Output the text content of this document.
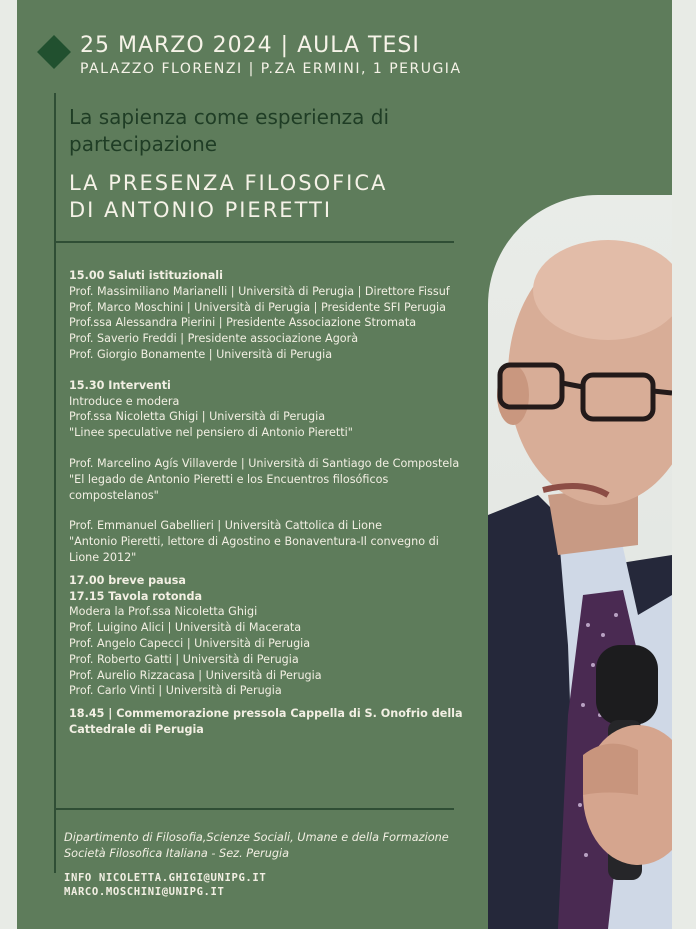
25 MARZO 2024 | AULA TESI
PALAZZO FLORENZI | P.ZA ERMINI, 1 PERUGIA
La sapienza come esperienza di
partecipazione
LA PRESENZA FILOSOFICA
DI ANTONIO PIERETTI
15.00 Saluti istituzionali
Prof. Massimiliano Marianelli | Università di Perugia | Direttore Fissuf
Prof. Marco Moschini | Università di Perugia | Presidente SFI Perugia
Prof.ssa Alessandra Pierini | Presidente Associazione Stromata
Prof. Saverio Freddi | Presidente associazione Agorà
Prof. Giorgio Bonamente | Università di Perugia
15.30 Interventi
Introduce e modera
Prof.ssa Nicoletta Ghigi | Università di Perugia
"Linee speculative nel pensiero di Antonio Pieretti"
Prof. Marcelino Agís Villaverde | Università di Santiago de Compostela
"El legado de Antonio Pieretti e los Encuentros filosóficos
compostelanos"
Prof. Emmanuel Gabellieri | Università Cattolica di Lione
"Antonio Pieretti, lettore di Agostino e Bonaventura-Il convegno di
Lione 2012"
17.00 breve pausa
17.15 Tavola rotonda
Modera la Prof.ssa Nicoletta Ghigi
Prof. Luigino Alici | Università di Macerata
Prof. Angelo Capecci | Università di Perugia
Prof. Roberto Gatti | Università di Perugia
Prof. Aurelio Rizzacasa | Università di Perugia
Prof. Carlo Vinti | Università di Perugia
18.45 | Commemorazione pressola Cappella di S. Onofrio della
Cattedrale di Perugia
Dipartimento di Filosofia,Scienze Sociali, Umane e della Formazione
Società Filosofica Italiana - Sez. Perugia
INFO NICOLETTA.GHIGI@UNIPG.IT
MARCO.MOSCHINI@UNIPG.IT
